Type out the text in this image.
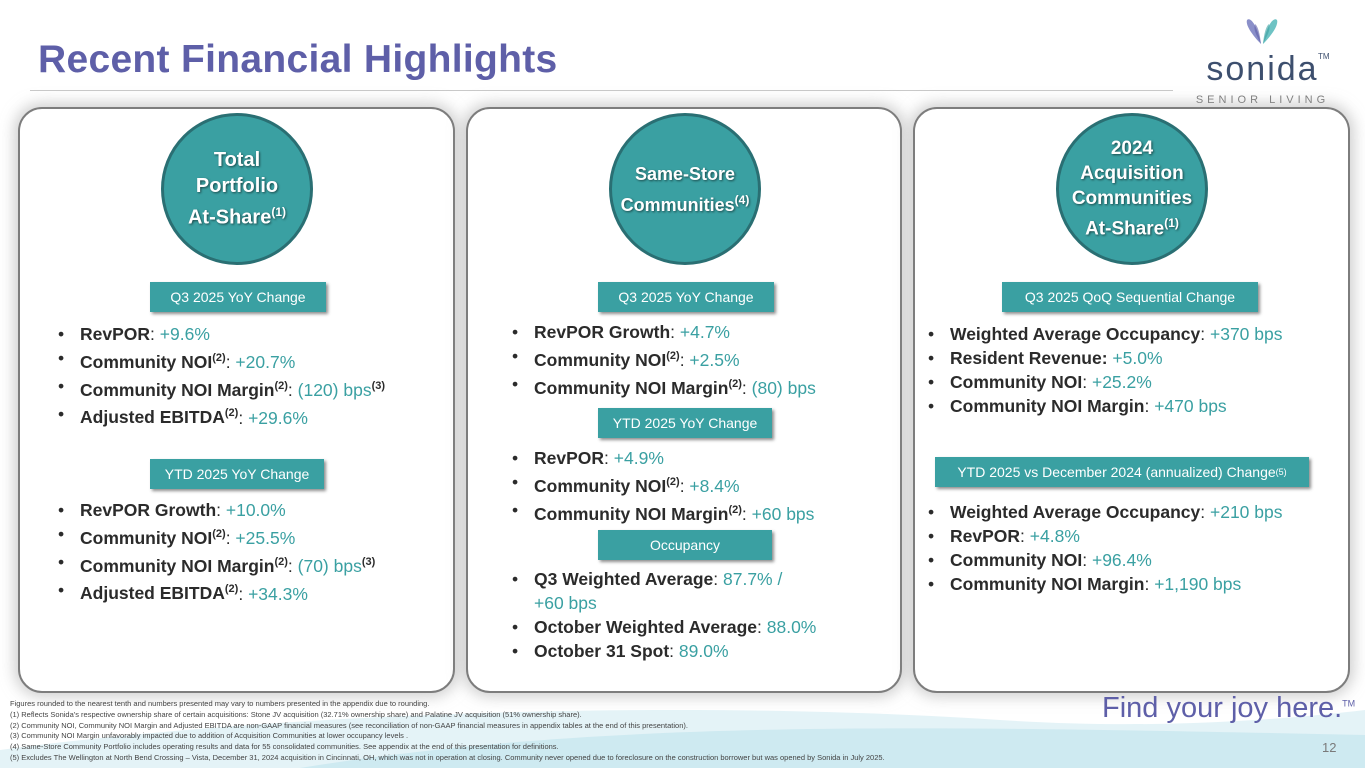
Recent Financial Highlights	sonida TM
SENIOR LIVING
Total
Portfolio
At-Share$^{(1)}$
Q3 2025 YoY Change
• RevPOR: +9.6%
• Community $NOI^{(2)}$: +20.7%
• Community NOI Margin$^{(2)}$: (120) bps$^{(3)}$
• Adjusted $EBITDA^{(2)}$: +29.6%
YTD 2025 YoY Change
• RevPOR Growth: +10.0%
• Community $NOI^{(2)}$: +25.5%
• Community NOI Margin$^{(2)}$: (70) bps$^{(3)}$
• Adjusted $EBITDA^{(2)}$: +34.3%
Same-Store
Communities$^{(4)}$
Q3 2025 YoY Change
• RevPOR Growth: +4.7%
• Community $NOI^{(2)}$: +2.5%
• Community NOI Margin$^{(2)}$: (80) bps
YTD 2025 YoY Change
• RevPOR: +4.9%
• Community $NOI^{(2)}$: +8.4%
• Community NOI Margin$^{(2)}$: +60 bps
Occupancy
• Q3 Weighted Average: 87.7% /
+60 bps
• October Weighted Average: 88.0%
• October 31 Spot: 89.0%
2024
Acquisition
Communities
At-Share$^{(1)}$
Q3 2025 QoQ Sequential Change
• Weighted Average Occupancy: +370 bps
• Resident Revenue: +5.0%
• Community NOI: +25.2%
• Community NOI Margin: +470 bps
YTD 2025 vs December 2024 (annualized) Change (5)
• Weighted Average Occupancy: +210 bps
• RevPOR: +4.8%
• Community NOI: +96.4%
• Community NOI Margin: +1,190 bps
Figures rounded to the nearest tenth and numbers presented may vary to numbers presented in the appendix due to rounding.
(1) Reflects Sonida's respective ownership share of certain acquisitions: Stone JV acquisition (32.71% ownership share) and Palatine JV acquisition (51% ownership share).
(2) Community NOI, Community NOI Margin and Adjusted EBITDA are non-GAAP financial measures (see reconciliation of non-GAAP financial measures in appendix tables at the end of this presentation).
(3) Community NOI Margin unfavorably impacted due to addition of Acquisition Communities at lower occupancy levels .
(4) Same-Store Community Portfolio includes operating results and data for 55 consolidated communities. See appendix at the end of this presentation for definitions.
(5) Excludes The Wellington at North Bend Crossing – Vista, December 31, 2024 acquisition in Cincinnati, OH, which was not in operation at closing. Community never opened due to foreclosure on the construction borrower but was opened by Sonida in July 2025.
Find your joy here.™
12
